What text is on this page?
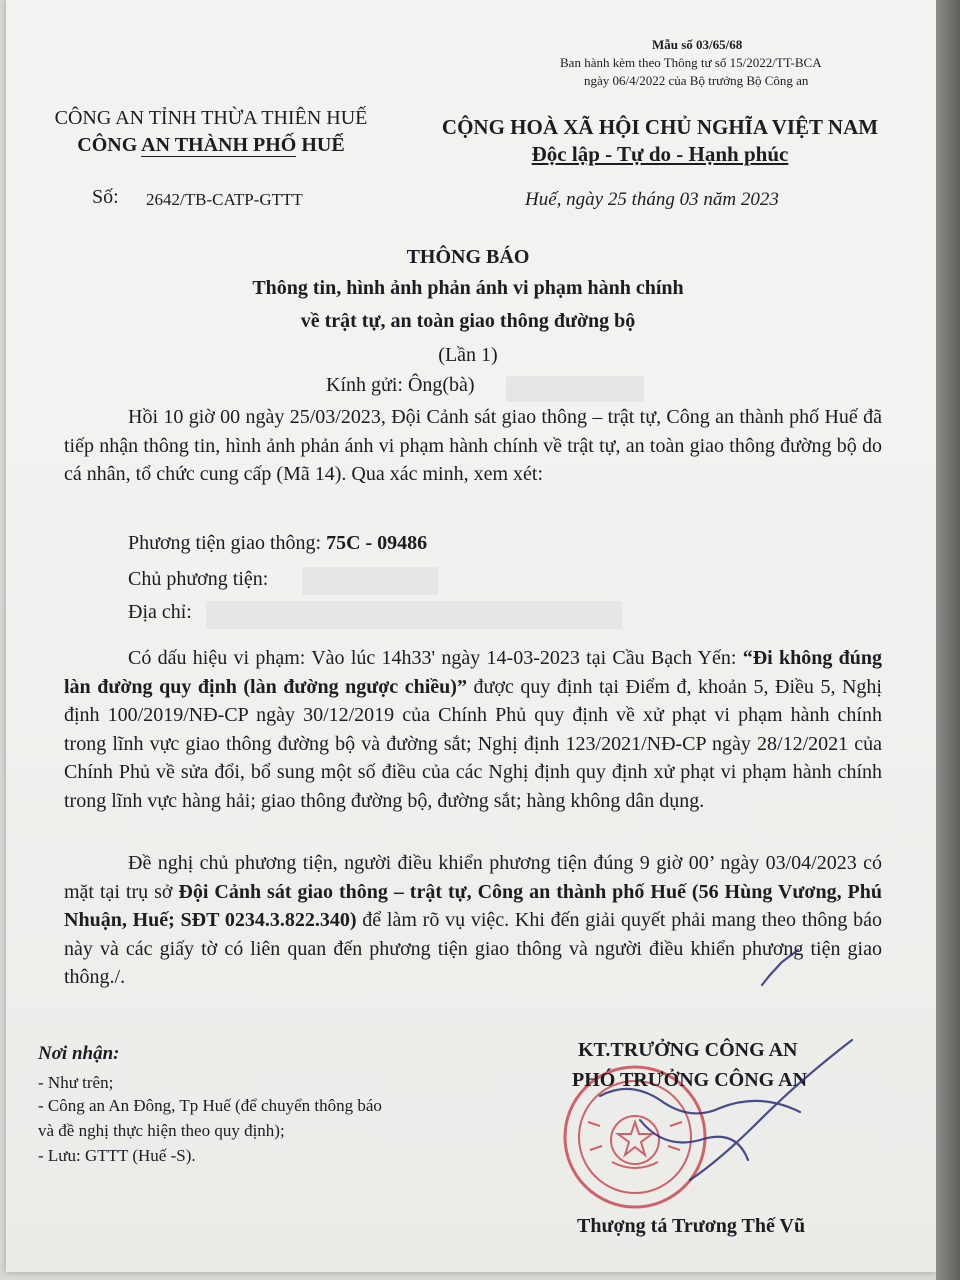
Mẫu số 03/65/68
Ban hành kèm theo Thông tư số 15/2022/TT-BCA
ngày 06/4/2022 của Bộ trưởng Bộ Công an
CÔNG AN TỈNH THỪA THIÊN HUẾ
CÔNG AN THÀNH PHỐ HUẾ
CỘNG HOÀ XÃ HỘI CHỦ NGHĨA VIỆT NAM
Độc lập - Tự do - Hạnh phúc
Số: 2642/TB-CATP-GTTT	Huế, ngày 25 tháng 03 năm 2023
THÔNG BÁO
Thông tin, hình ảnh phản ánh vi phạm hành chính
về trật tự, an toàn giao thông đường bộ
(Lần 1)
Kính gửi: Ông(bà)
Hồi 10 giờ 00 ngày 25/03/2023, Đội Cảnh sát giao thông – trật tự, Công an thành phố Huế đã tiếp nhận thông tin, hình ảnh phản ánh vi phạm hành chính về trật tự, an toàn giao thông đường bộ do cá nhân, tổ chức cung cấp (Mã 14). Qua xác minh, xem xét:
Phương tiện giao thông: 75C - 09486
Chủ phương tiện:
Địa chỉ:
Có dấu hiệu vi phạm: Vào lúc 14h33' ngày 14-03-2023 tại Cầu Bạch Yến: “Đi không đúng làn đường quy định (làn đường ngược chiều)” được quy định tại Điểm đ, khoản 5, Điều 5, Nghị định 100/2019/NĐ-CP ngày 30/12/2019 của Chính Phủ quy định về xử phạt vi phạm hành chính trong lĩnh vực giao thông đường bộ và đường sắt; Nghị định 123/2021/NĐ-CP ngày 28/12/2021 của Chính Phủ về sửa đổi, bổ sung một số điều của các Nghị định quy định xử phạt vi phạm hành chính trong lĩnh vực hàng hải; giao thông đường bộ, đường sắt; hàng không dân dụng.
Đề nghị chủ phương tiện, người điều khiển phương tiện đúng 9 giờ 00’ ngày 03/04/2023 có mặt tại trụ sở Đội Cảnh sát giao thông – trật tự, Công an thành phố Huế (56 Hùng Vương, Phú Nhuận, Huế; SĐT 0234.3.822.340) để làm rõ vụ việc. Khi đến giải quyết phải mang theo thông báo này và các giấy tờ có liên quan đến phương tiện giao thông và người điều khiển phương tiện giao thông./.
Nơi nhận:
- Như trên;
- Công an An Đông, Tp Huế (để chuyển thông báo
và đề nghị thực hiện theo quy định);
- Lưu: GTTT (Huế -S).
KT.TRƯỞNG CÔNG AN
PHÓ TRƯỞNG CÔNG AN
Thượng tá Trương Thế Vũ
